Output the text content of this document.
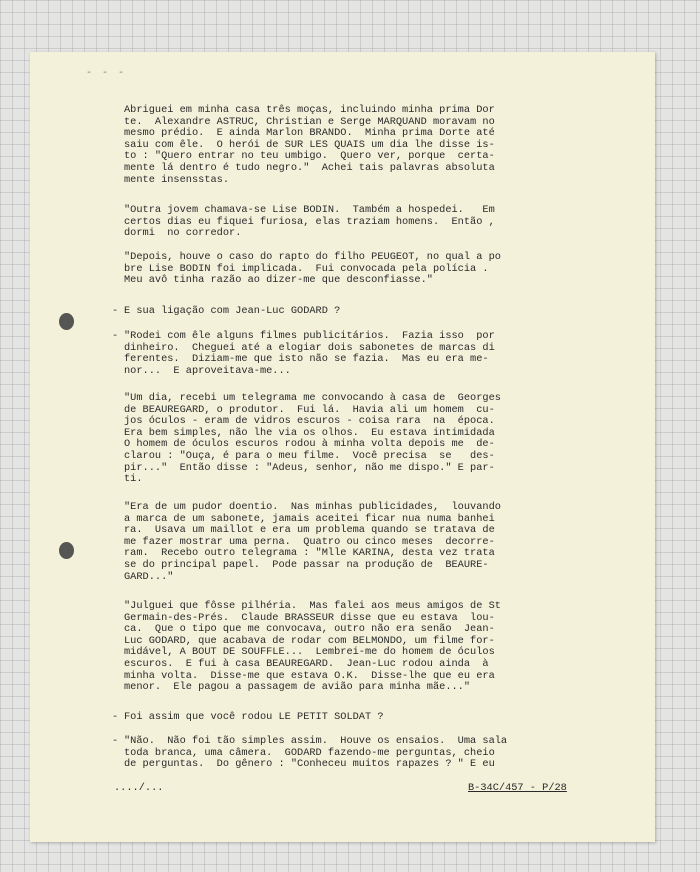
- - -

Abriguei em minha casa três moças, incluindo minha prima Dor
te.  Alexandre ASTRUC, Christian e Serge MARQUAND moravam no
mesmo prédio.  E ainda Marlon BRANDO.  Minha prima Dorte até
saiu com êle.  O herói de SUR LES QUAIS um dia lhe disse is-
to : "Quero entrar no teu umbigo.  Quero ver, porque  certa-
mente lá dentro é tudo negro."  Achei tais palavras absoluta
mente insensstas.

"Outra jovem chamava-se Lise BODIN.  Também a hospedei.   Em
certos dias eu fiquei furiosa, elas traziam homens.  Então ,
dormi  no corredor.

"Depois, houve o caso do rapto do filho PEUGEOT, no qual a po
bre Lise BODIN foi implicada.  Fui convocada pela polícia .
Meu avô tinha razão ao dizer-me que desconfiasse."

- E sua ligação com Jean-Luc GODARD ?

- "Rodei com êle alguns filmes publicitários.  Fazia isso  por
dinheiro.  Cheguei até a elogiar dois sabonetes de marcas di
ferentes.  Diziam-me que isto não se fazia.  Mas eu era me-
nor...  E aproveitava-me...

"Um dia, recebi um telegrama me convocando à casa de  Georges
de BEAUREGARD, o produtor.  Fui lá.  Havia ali um homem  cu-
jos óculos - eram de vidros escuros - coisa rara  na  época.
Era bem simples, não lhe via os olhos.  Eu estava intimidada
O homem de óculos escuros rodou à minha volta depois me  de-
clarou : "Ouça, é para o meu filme.  Você precisa  se   des-
pir..."  Então disse : "Adeus, senhor, não me dispo." E par-
ti.

"Era de um pudor doentio.  Nas minhas publicidades,  louvando
a marca de um sabonete, jamais aceitei ficar nua numa banhei
ra.  Usava um maillot e era um problema quando se tratava de
me fazer mostrar uma perna.  Quatro ou cinco meses  decorre-
ram.  Recebo outro telegrama : "Mlle KARINA, desta vez trata
se do principal papel.  Pode passar na produção de  BEAURE-
GARD..."

"Julguei que fôsse pilhéria.  Mas falei aos meus amigos de St
Germain-des-Prés.  Claude BRASSEUR disse que eu estava  lou-
ca.  Que o tipo que me convocava, outro não era senão  Jean-
Luc GODARD, que acabava de rodar com BELMONDO, um filme for-
midável, A BOUT DE SOUFFLE...  Lembrei-me do homem de óculos
escuros.  E fui à casa BEAUREGARD.  Jean-Luc rodou ainda  à
minha volta.  Disse-me que estava O.K.  Disse-lhe que eu era
menor.  Ele pagou a passagem de avião para minha mãe..."

- Foi assim que você rodou LE PETIT SOLDAT ?

- "Não.  Não foi tão simples assim.  Houve os ensaios.  Uma sala
toda branca, uma câmera.  GODARD fazendo-me perguntas, cheio
de perguntas.  Do gênero : "Conheceu muitos rapazes ? " E eu

..../...	B-34C/457 - P/28
